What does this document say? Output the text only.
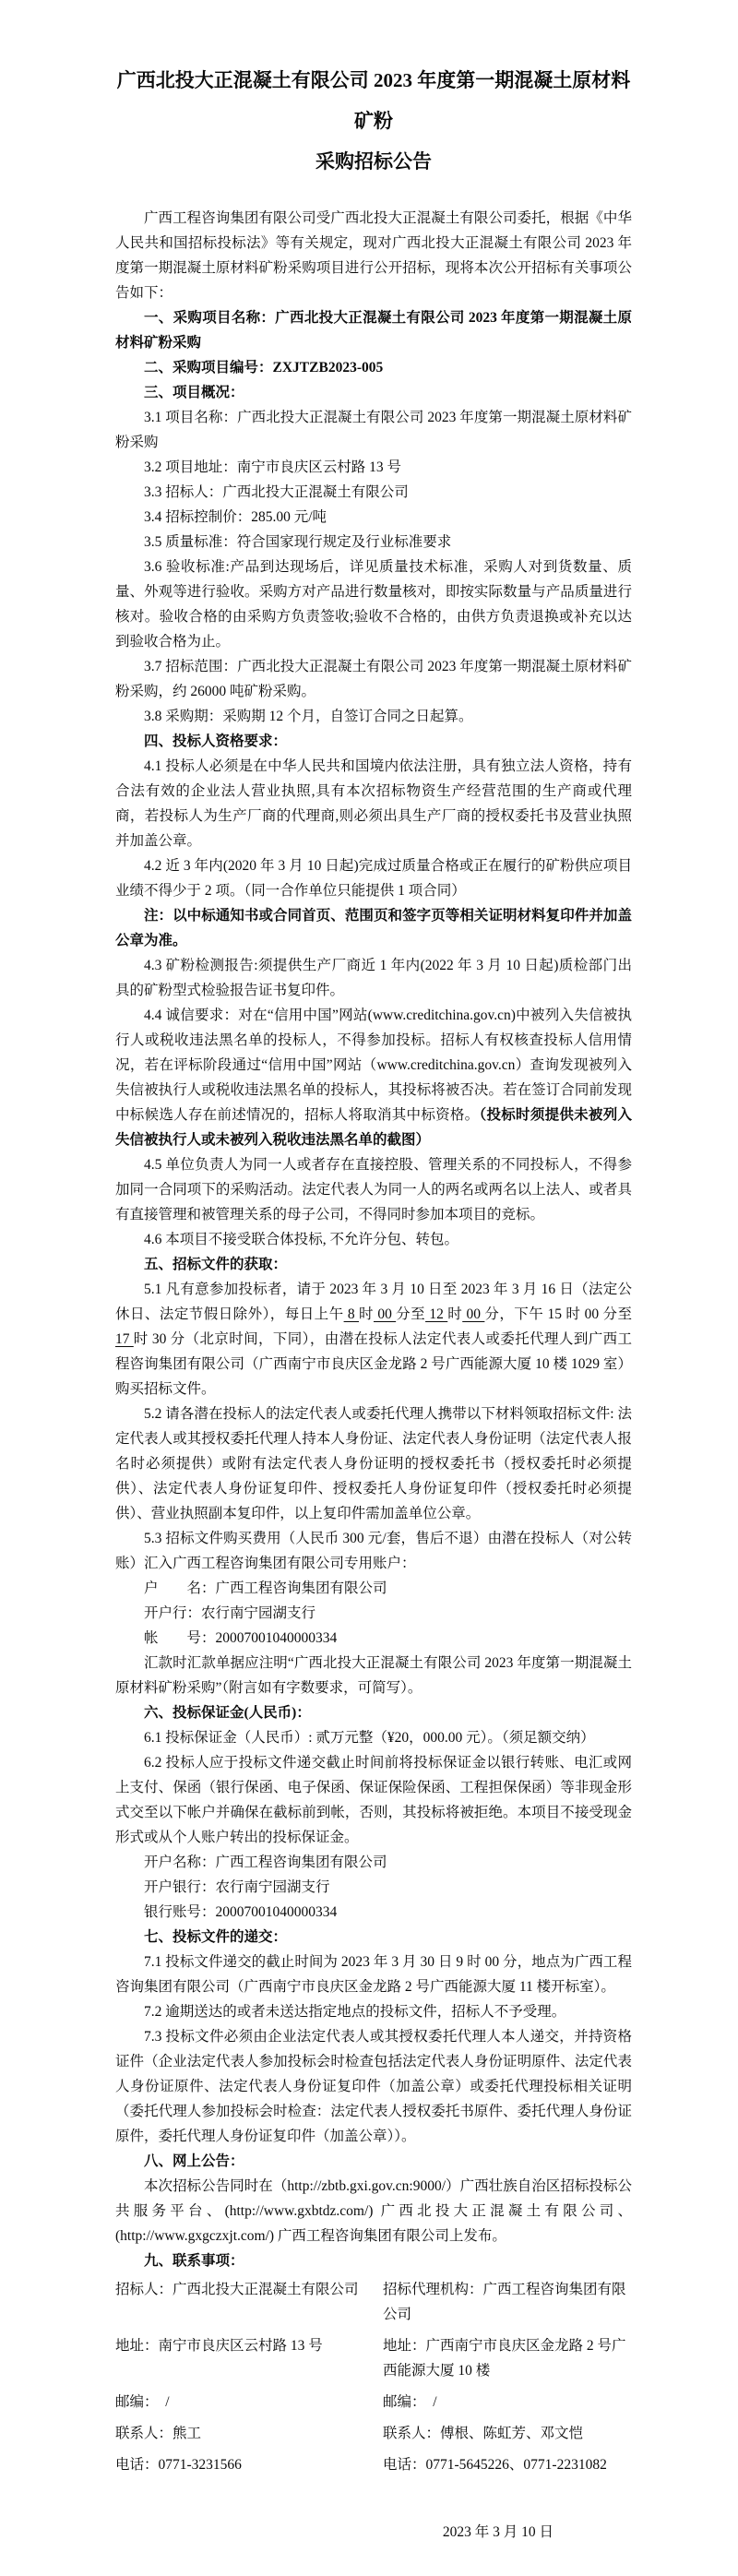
广西北投大正混凝土有限公司 2023 年度第一期混凝土原材料矿粉
采购招标公告

广西工程咨询集团有限公司受广西北投大正混凝土有限公司委托，根据《中华人民共和国招标投标法》等有关规定，现对广西北投大正混凝土有限公司 2023 年度第一期混凝土原材料矿粉采购项目进行公开招标，现将本次公开招标有关事项公告如下：

一、采购项目名称：广西北投大正混凝土有限公司 2023 年度第一期混凝土原材料矿粉采购

二、采购项目编号：ZXJTZB2023-005

三、项目概况：

3.1 项目名称：广西北投大正混凝土有限公司 2023 年度第一期混凝土原材料矿粉采购

3.2 项目地址：南宁市良庆区云村路 13 号

3.3 招标人：广西北投大正混凝土有限公司

3.4 招标控制价：285.00 元/吨

3.5 质量标准：符合国家现行规定及行业标准要求

3.6 验收标准:产品到达现场后，详见质量技术标准，采购人对到货数量、质量、外观等进行验收。采购方对产品进行数量核对，即按实际数量与产品质量进行核对。验收合格的由采购方负责签收;验收不合格的，由供方负责退换或补充以达到验收合格为止。

3.7 招标范围：广西北投大正混凝土有限公司 2023 年度第一期混凝土原材料矿粉采购，约 26000 吨矿粉采购。

3.8 采购期：采购期 12 个月，自签订合同之日起算。

四、投标人资格要求：

4.1 投标人必须是在中华人民共和国境内依法注册，具有独立法人资格，持有合法有效的企业法人营业执照,具有本次招标物资生产经营范围的生产商或代理商，若投标人为生产厂商的代理商,则必须出具生产厂商的授权委托书及营业执照并加盖公章。

4.2 近 3 年内(2020 年 3 月 10 日起)完成过质量合格或正在履行的矿粉供应项目业绩不得少于 2 项。（同一合作单位只能提供 1 项合同）

注：以中标通知书或合同首页、范围页和签字页等相关证明材料复印件并加盖公章为准。

4.3 矿粉检测报告:须提供生产厂商近 1 年内(2022 年 3 月 10 日起)质检部门出具的矿粉型式检验报告证书复印件。

4.4 诚信要求：对在“信用中国”网站(www.creditchina.gov.cn)中被列入失信被执行人或税收违法黑名单的投标人，不得参加投标。招标人有权核查投标人信用情况，若在评标阶段通过“信用中国”网站（www.creditchina.gov.cn）查询发现被列入失信被执行人或税收违法黑名单的投标人，其投标将被否决。若在签订合同前发现中标候选人存在前述情况的，招标人将取消其中标资格。（投标时须提供未被列入失信被执行人或未被列入税收违法黑名单的截图）

4.5 单位负责人为同一人或者存在直接控股、管理关系的不同投标人，不得参加同一合同项下的采购活动。法定代表人为同一人的两名或两名以上法人、或者具有直接管理和被管理关系的母子公司，不得同时参加本项目的竞标。

4.6 本项目不接受联合体投标, 不允许分包、转包。

五、招标文件的获取：

5.1 凡有意参加投标者，请于 2023 年 3 月 10 日至 2023 年 3 月 16 日（法定公休日、法定节假日除外），每日上午 8 时 00 分至 12 时 00 分，下午 15 时 00 分至 17 时 30 分（北京时间，下同），由潜在投标人法定代表人或委托代理人到广西工程咨询集团有限公司（广西南宁市良庆区金龙路 2 号广西能源大厦 10 楼 1029 室）购买招标文件。

5.2 请各潜在投标人的法定代表人或委托代理人携带以下材料领取招标文件: 法定代表人或其授权委托代理人持本人身份证、法定代表人身份证明（法定代表人报名时必须提供）或附有法定代表人身份证明的授权委托书（授权委托时必须提供）、法定代表人身份证复印件、授权委托人身份证复印件（授权委托时必须提供）、营业执照副本复印件，以上复印件需加盖单位公章。

5.3 招标文件购买费用（人民币 300 元/套，售后不退）由潜在投标人（对公转账）汇入广西工程咨询集团有限公司专用账户：

户　　名：广西工程咨询集团有限公司

开户行：农行南宁园湖支行

帐　　号：20007001040000334

汇款时汇款单据应注明“广西北投大正混凝土有限公司 2023 年度第一期混凝土原材料矿粉采购”（附言如有字数要求，可简写）。

六、投标保证金(人民币)：

6.1 投标保证金（人民币）: 贰万元整（¥20，000.00 元）。（须足额交纳）

6.2 投标人应于投标文件递交截止时间前将投标保证金以银行转账、电汇或网上支付、保函（银行保函、电子保函、保证保险保函、工程担保保函）等非现金形式交至以下帐户并确保在截标前到帐，否则，其投标将被拒绝。本项目不接受现金形式或从个人账户转出的投标保证金。

开户名称：广西工程咨询集团有限公司

开户银行：农行南宁园湖支行

银行账号：20007001040000334

七、投标文件的递交：

7.1 投标文件递交的截止时间为 2023 年 3 月 30 日 9 时 00 分，地点为广西工程咨询集团有限公司（广西南宁市良庆区金龙路 2 号广西能源大厦 11 楼开标室）。

7.2 逾期送达的或者未送达指定地点的投标文件，招标人不予受理。

7.3 投标文件必须由企业法定代表人或其授权委托代理人本人递交，并持资格证件（企业法定代表人参加投标会时检查包括法定代表人身份证明原件、法定代表人身份证原件、法定代表人身份证复印件（加盖公章）或委托代理投标相关证明（委托代理人参加投标会时检查：法定代表人授权委托书原件、委托代理人身份证原件，委托代理人身份证复印件（加盖公章））。

八、网上公告：

本次招标公告同时在（http://zbtb.gxi.gov.cn:9000/）广西壮族自治区招标投标公共服务平台、(http://www.gxbtdz.com/) 广西北投大正混凝土有限公司、(http://www.gxgczxjt.com/) 广西工程咨询集团有限公司上发布。

九、联系事项：

招标人：广西北投大正混凝土有限公司	招标代理机构：广西工程咨询集团有限公司
地址：南宁市良庆区云村路 13 号	地址：广西南宁市良庆区金龙路 2 号广西能源大厦 10 楼
邮编：　/	邮编：　/
联系人：熊工	联系人：傅根、陈虹芳、邓文恺
电话：0771-3231566	电话：0771-5645226、0771-2231082

2023 年 3 月 10 日
